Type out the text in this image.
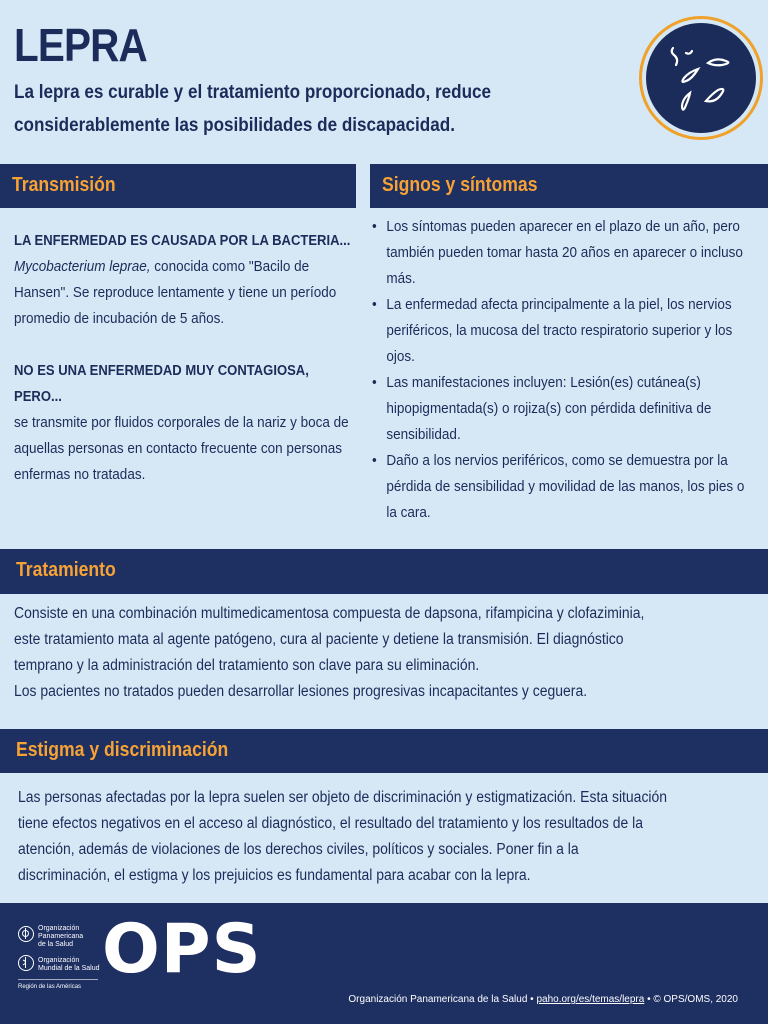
LEPRA
La lepra es curable y el tratamiento proporcionado, reduce considerablemente las posibilidades de discapacidad.
Transmisión
LA ENFERMEDAD ES CAUSADA POR LA BACTERIA...
Mycobacterium leprae, conocida como "Bacilo de Hansen". Se reproduce lentamente y tiene un período promedio de incubación de 5 años.
NO ES UNA ENFERMEDAD MUY CONTAGIOSA, PERO...
se transmite por fluidos corporales de la nariz y boca de aquellas personas en contacto frecuente con personas enfermas no tratadas.
Signos y síntomas
• Los síntomas pueden aparecer en el plazo de un año, pero también pueden tomar hasta 20 años en aparecer o incluso más.
• La enfermedad afecta principalmente a la piel, los nervios periféricos, la mucosa del tracto respiratorio superior y los ojos.
• Las manifestaciones incluyen: Lesión(es) cutánea(s) hipopigmentada(s) o rojiza(s) con pérdida definitiva de sensibilidad.
• Daño a los nervios periféricos, como se demuestra por la pérdida de sensibilidad y movilidad de las manos, los pies o la cara.
Tratamiento
Consiste en una combinación multimedicamentosa compuesta de dapsona, rifampicina y clofaziminia,
este tratamiento mata al agente patógeno, cura al paciente y detiene la transmisión. El diagnóstico
temprano y la administración del tratamiento son clave para su eliminación.
Los pacientes no tratados pueden desarrollar lesiones progresivas incapacitantes y ceguera.
Estigma y discriminación
Las personas afectadas por la lepra suelen ser objeto de discriminación y estigmatización. Esta situación
tiene efectos negativos en el acceso al diagnóstico, el resultado del tratamiento y los resultados de la
atención, además de violaciones de los derechos civiles, políticos y sociales. Poner fin a la
discriminación, el estigma y los prejuicios es fundamental para acabar con la lepra.
Organización
Panamericana
de la Salud
Organización
Mundial de la Salud
Región de las Américas OPS
Organización Panamericana de la Salud • paho.org/es/temas/lepra • © OPS/OMS, 2020
